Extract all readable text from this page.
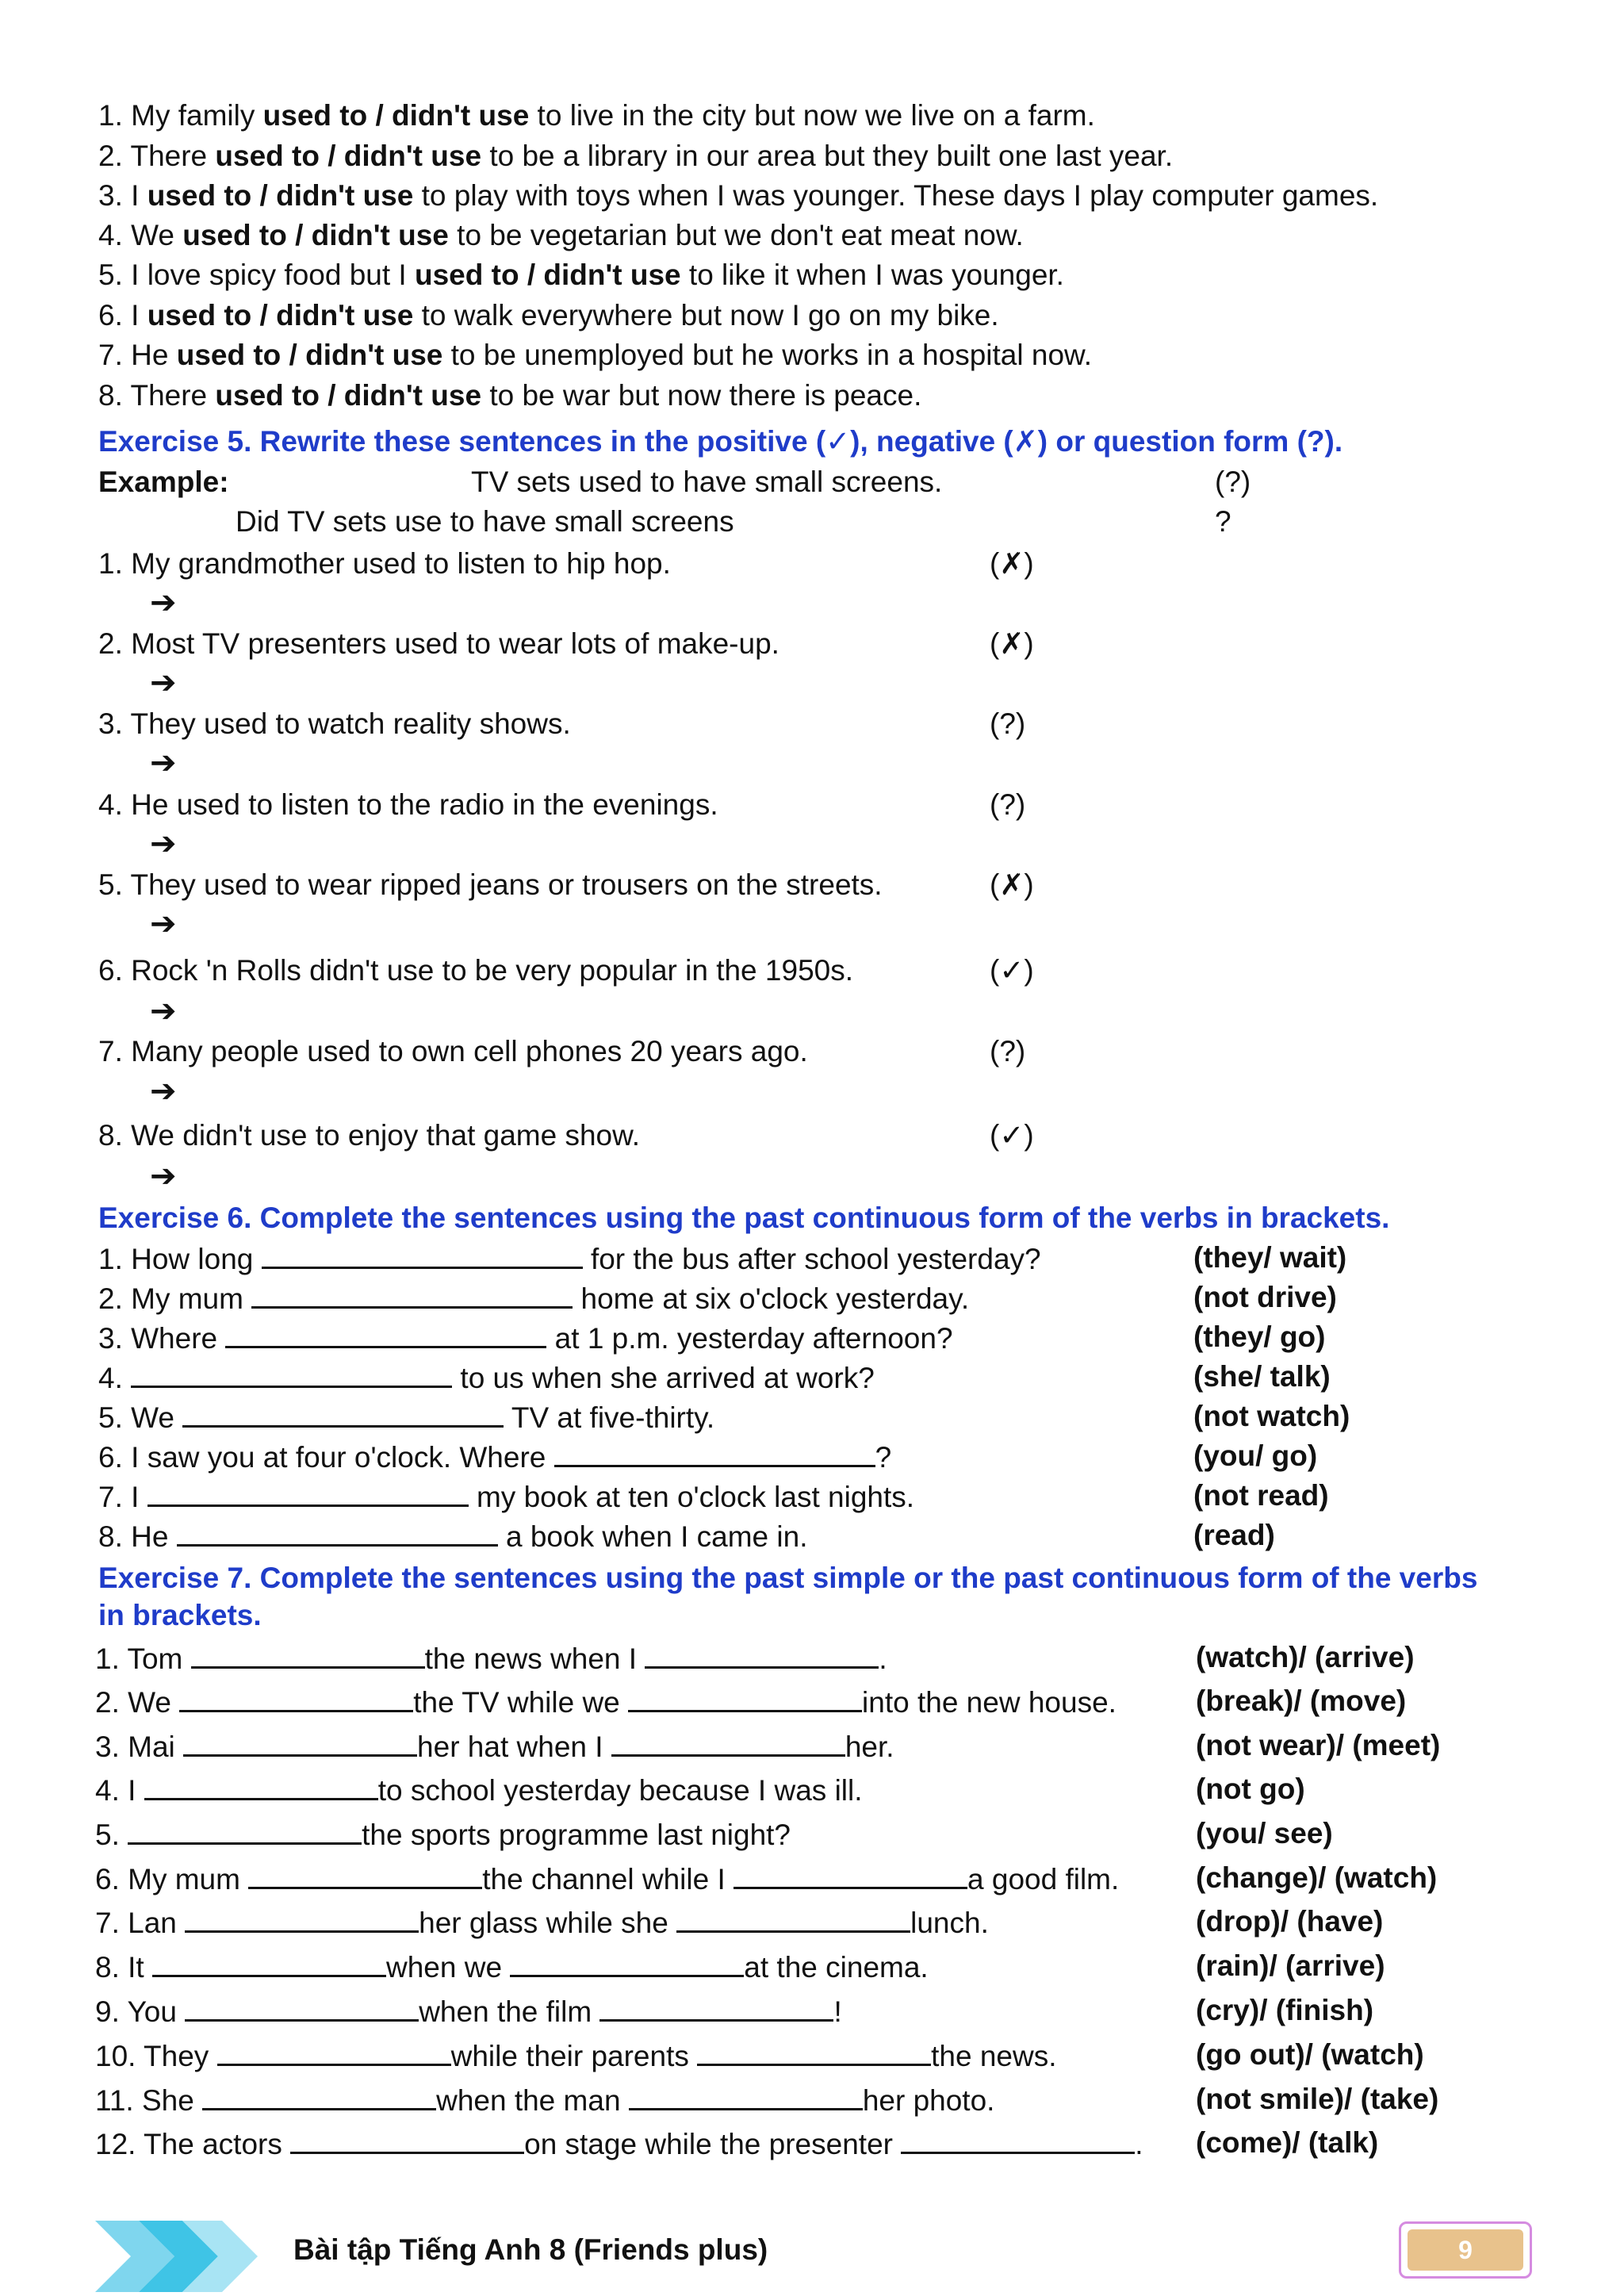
1. My family used to / didn't use to live in the city but now we live on a farm.
2. There used to / didn't use to be a library in our area but they built one last year.
3. I used to / didn't use to play with toys when I was younger. These days I play computer games.
4. We used to / didn't use to be vegetarian but we don't eat meat now.
5. I love spicy food but I used to / didn't use to like it when I was younger.
6. I used to / didn't use to walk everywhere but now I go on my bike.
7. He used to / didn't use to be unemployed but he works in a hospital now.
8. There used to / didn't use to be war but now there is peace.
Exercise 5. Rewrite these sentences in the positive (✓), negative (✗) or question form (?).
Example:	TV sets used to have small screens.	(?)
Did TV sets use to have small screens	?
1. My grandmother used to listen to hip hop.	(✗)
➔
2. Most TV presenters used to wear lots of make-up.	(✗)
➔
3. They used to watch reality shows.	(?)
➔
4. He used to listen to the radio in the evenings.	(?)
➔
5. They used to wear ripped jeans or trousers on the streets.	(✗)
➔
6. Rock 'n Rolls didn't use to be very popular in the 1950s.	(✓)
➔
7. Many people used to own cell phones 20 years ago.	(?)
➔
8. We didn't use to enjoy that game show.	(✓)
➔
Exercise 6. Complete the sentences using the past continuous form of the verbs in brackets.
1. How long	for the bus after school yesterday?	(they/ wait)
2. My mum	home at six o'clock yesterday.	(not drive)
3. Where	at 1 p.m. yesterday afternoon?	(they/ go)
4.	to us when she arrived at work?	(she/ talk)
5. We	TV at five-thirty.	(not watch)
6. I saw you at four o'clock. Where	?	(you/ go)
7. I	my book at ten o'clock last nights.	(not read)
8. He	a book when I came in.	(read)
Exercise 7. Complete the sentences using the past simple or the past continuous form of the verbs
in brackets.
1. Tom	the news when I	.	(watch)/ (arrive)
2. We	the TV while we	into the new house.	(break)/ (move)
3. Mai	her hat when I	her.	(not wear)/ (meet)
4. I	to school yesterday because I was ill.	(not go)
5.	the sports programme last night?	(you/ see)
6. My mum	the channel while I	a good film.	(change)/ (watch)
7. Lan	her glass while she	lunch.	(drop)/ (have)
8. It	when we	at the cinema.	(rain)/ (arrive)
9. You	when the film	!	(cry)/ (finish)
10. They	while their parents	the news.	(go out)/ (watch)
11. She	when the man	her photo.	(not smile)/ (take)
12. The actors	on stage while the presenter	. (come)/ (talk)
Bài tập Tiếng Anh 8 (Friends plus)	9
